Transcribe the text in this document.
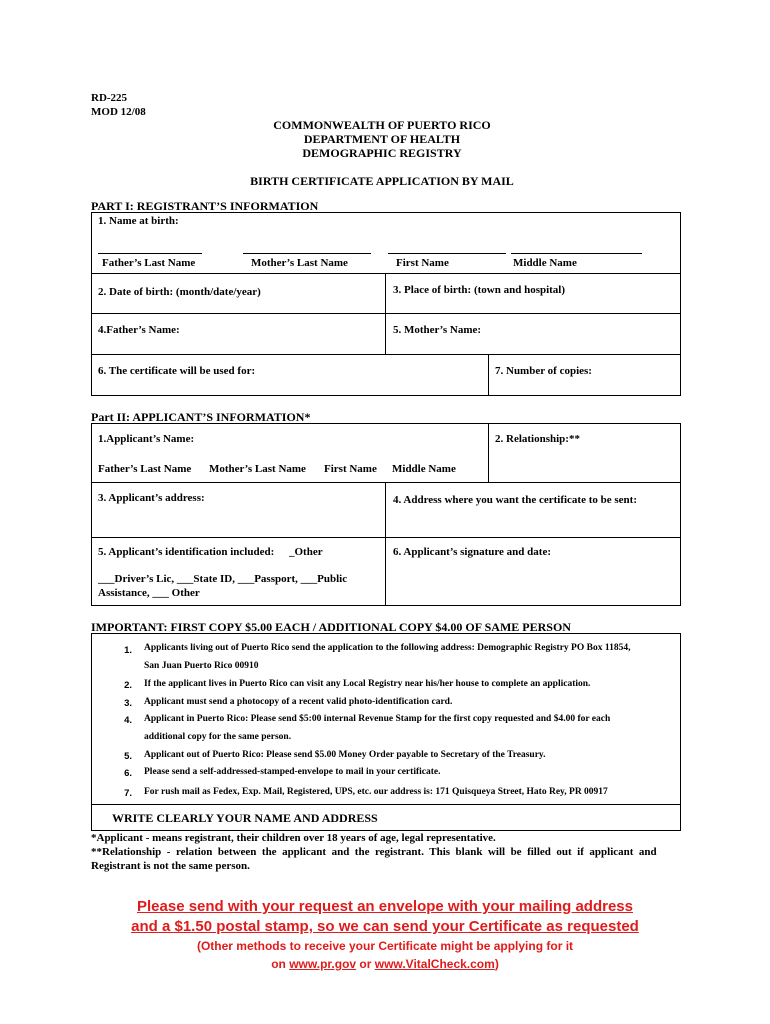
RD-225
MOD 12/08
COMMONWEALTH OF PUERTO RICO
DEPARTMENT OF HEALTH
DEMOGRAPHIC REGISTRY
BIRTH CERTIFICATE APPLICATION BY MAIL
PART I: REGISTRANT’S INFORMATION
1. Name at birth:
Father’s Last Name	Mother’s Last Name	First Name	Middle Name
2. Date of birth: (month/date/year)	3. Place of birth: (town and hospital)
4.Father’s Name:	5. Mother’s Name:
6. The certificate will be used for:	7. Number of copies:
Part II: APPLICANT’S INFORMATION*
1.Applicant’s Name:	2. Relationship:**
Father’s Last Name Mother’s Last Name First Name Middle Name
3. Applicant’s address:	4. Address where you want the certificate to be sent:
5. Applicant’s identification included: _Other
___Driver’s Lic, ___State ID, ___Passport, ___Public
Assistance, ___ Other
6. Applicant’s signature and date:
IMPORTANT: FIRST COPY $5.00 EACH / ADDITIONAL COPY $4.00 OF SAME PERSON
1. Applicants living out of Puerto Rico send the application to the following address: Demographic Registry PO Box 11854,
San Juan Puerto Rico 00910
2. If the applicant lives in Puerto Rico can visit any Local Registry near his/her house to complete an application.
3. Applicant must send a photocopy of a recent valid photo-identification card.
4. Applicant in Puerto Rico: Please send $5:00 internal Revenue Stamp for the first copy requested and $4.00 for each
additional copy for the same person.
5. Applicant out of Puerto Rico: Please send $5.00 Money Order payable to Secretary of the Treasury.
6. Please send a self-addressed-stamped-envelope to mail in your certificate.
7. For rush mail as Fedex, Exp. Mail, Registered, UPS, etc. our address is: 171 Quisqueya Street, Hato Rey, PR 00917
WRITE CLEARLY YOUR NAME AND ADDRESS
*Applicant - means registrant, their children over 18 years of age, legal representative.
**Relationship  -  relation  between  the  applicant  and  the  registrant.  This  blank  will  be  filled  out  if  applicant  and
Registrant is not the same person.
Please send with your request an envelope with your mailing address
and a $1.50 postal stamp, so we can send your Certificate as requested
(Other methods to receive your Certificate might be applying for it
on www.pr.gov or www.VitalCheck.com)
